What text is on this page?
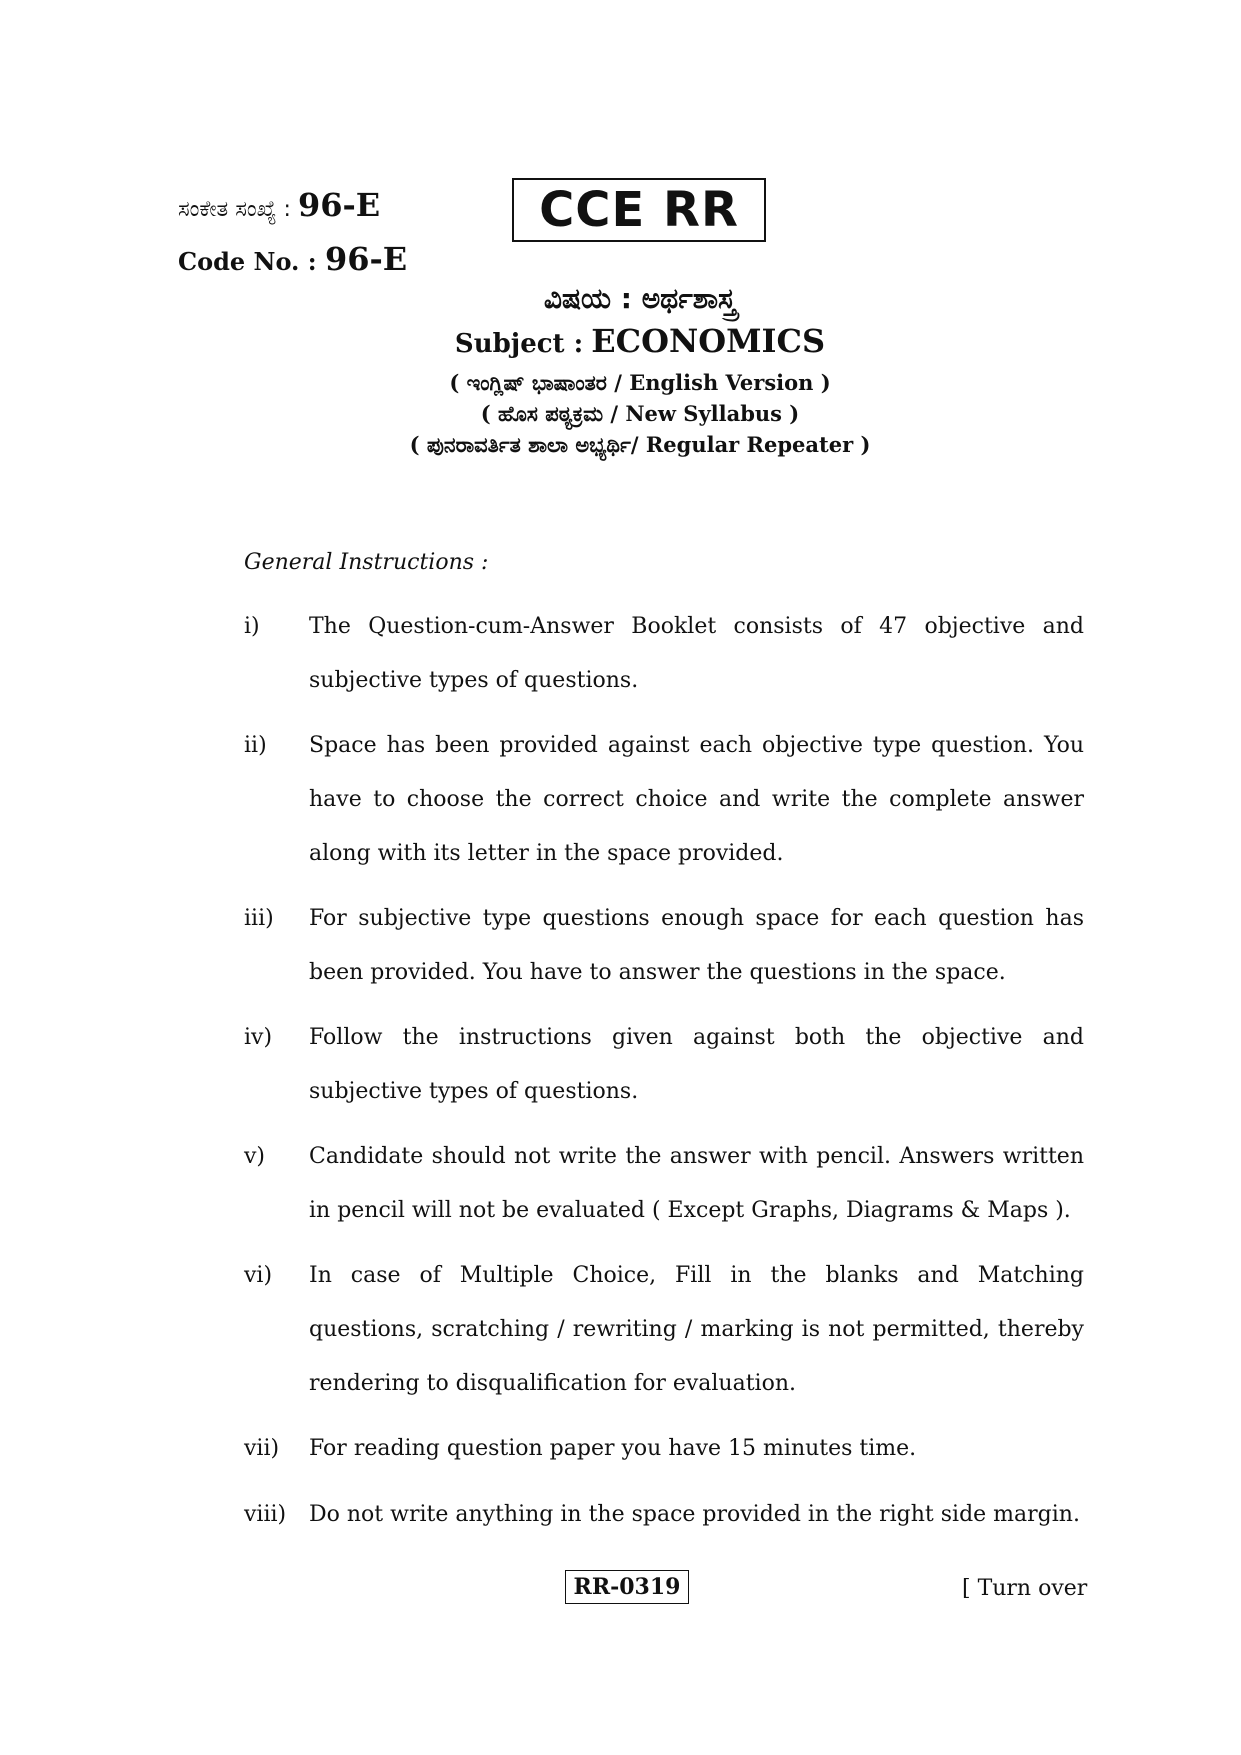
ಸಂಕೇತ ಸಂಖ್ಯೆ : 96-E
Code No. : 96-E
CCE RR
ವಿಷಯ : ಅರ್ಥಶಾಸ್ತ್ರ
Subject : ECONOMICS
( ಇಂಗ್ಲಿಷ್ ಭಾಷಾಂತರ / English Version )
( ಹೊಸ ಪಠ್ಯಕ್ರಮ / New Syllabus )
( ಪುನರಾವರ್ತಿತ ಶಾಲಾ ಅಭ್ಯರ್ಥಿ/ Regular Repeater )
General Instructions :
i)	The Question-cum-Answer Booklet consists of 47 objective and subjective types of questions.
ii)	Space has been provided against each objective type question. You have to choose the correct choice and write the complete answer along with its letter in the space provided.
iii)	For subjective type questions enough space for each question has been provided. You have to answer the questions in the space.
iv)	Follow the instructions given against both the objective and subjective types of questions.
v)	Candidate should not write the answer with pencil. Answers written in pencil will not be evaluated ( Except Graphs, Diagrams & Maps ).
vi)	In case of Multiple Choice, Fill in the blanks and Matching questions, scratching / rewriting / marking is not permitted, thereby rendering to disqualification for evaluation.
vii)	For reading question paper you have 15 minutes time.
viii)	Do not write anything in the space provided in the right side margin.
RR-0319	[ Turn over
